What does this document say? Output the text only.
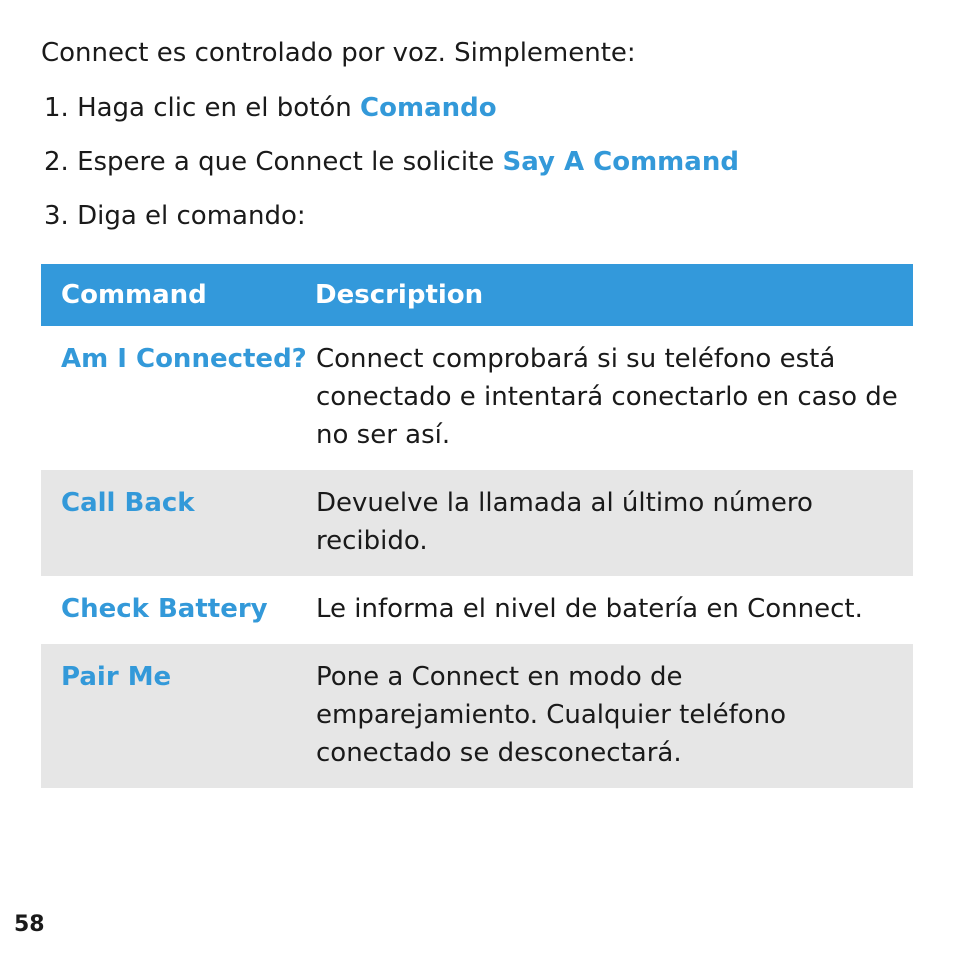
Connect es controlado por voz. Simplemente:

1. Haga clic en el botón Comando
2. Espere a que Connect le solicite Say A Command
3. Diga el comando:
Command	Description
Am I Connected?	Connect comprobará si su teléfono está conectado e intentará conectarlo en caso de no ser así.
Call Back	Devuelve la llamada al último número recibido.
Check Battery	Le informa el nivel de batería en Connect.
Pair Me	Pone a Connect en modo de emparejamiento. Cualquier teléfono conectado se desconectará.
58
